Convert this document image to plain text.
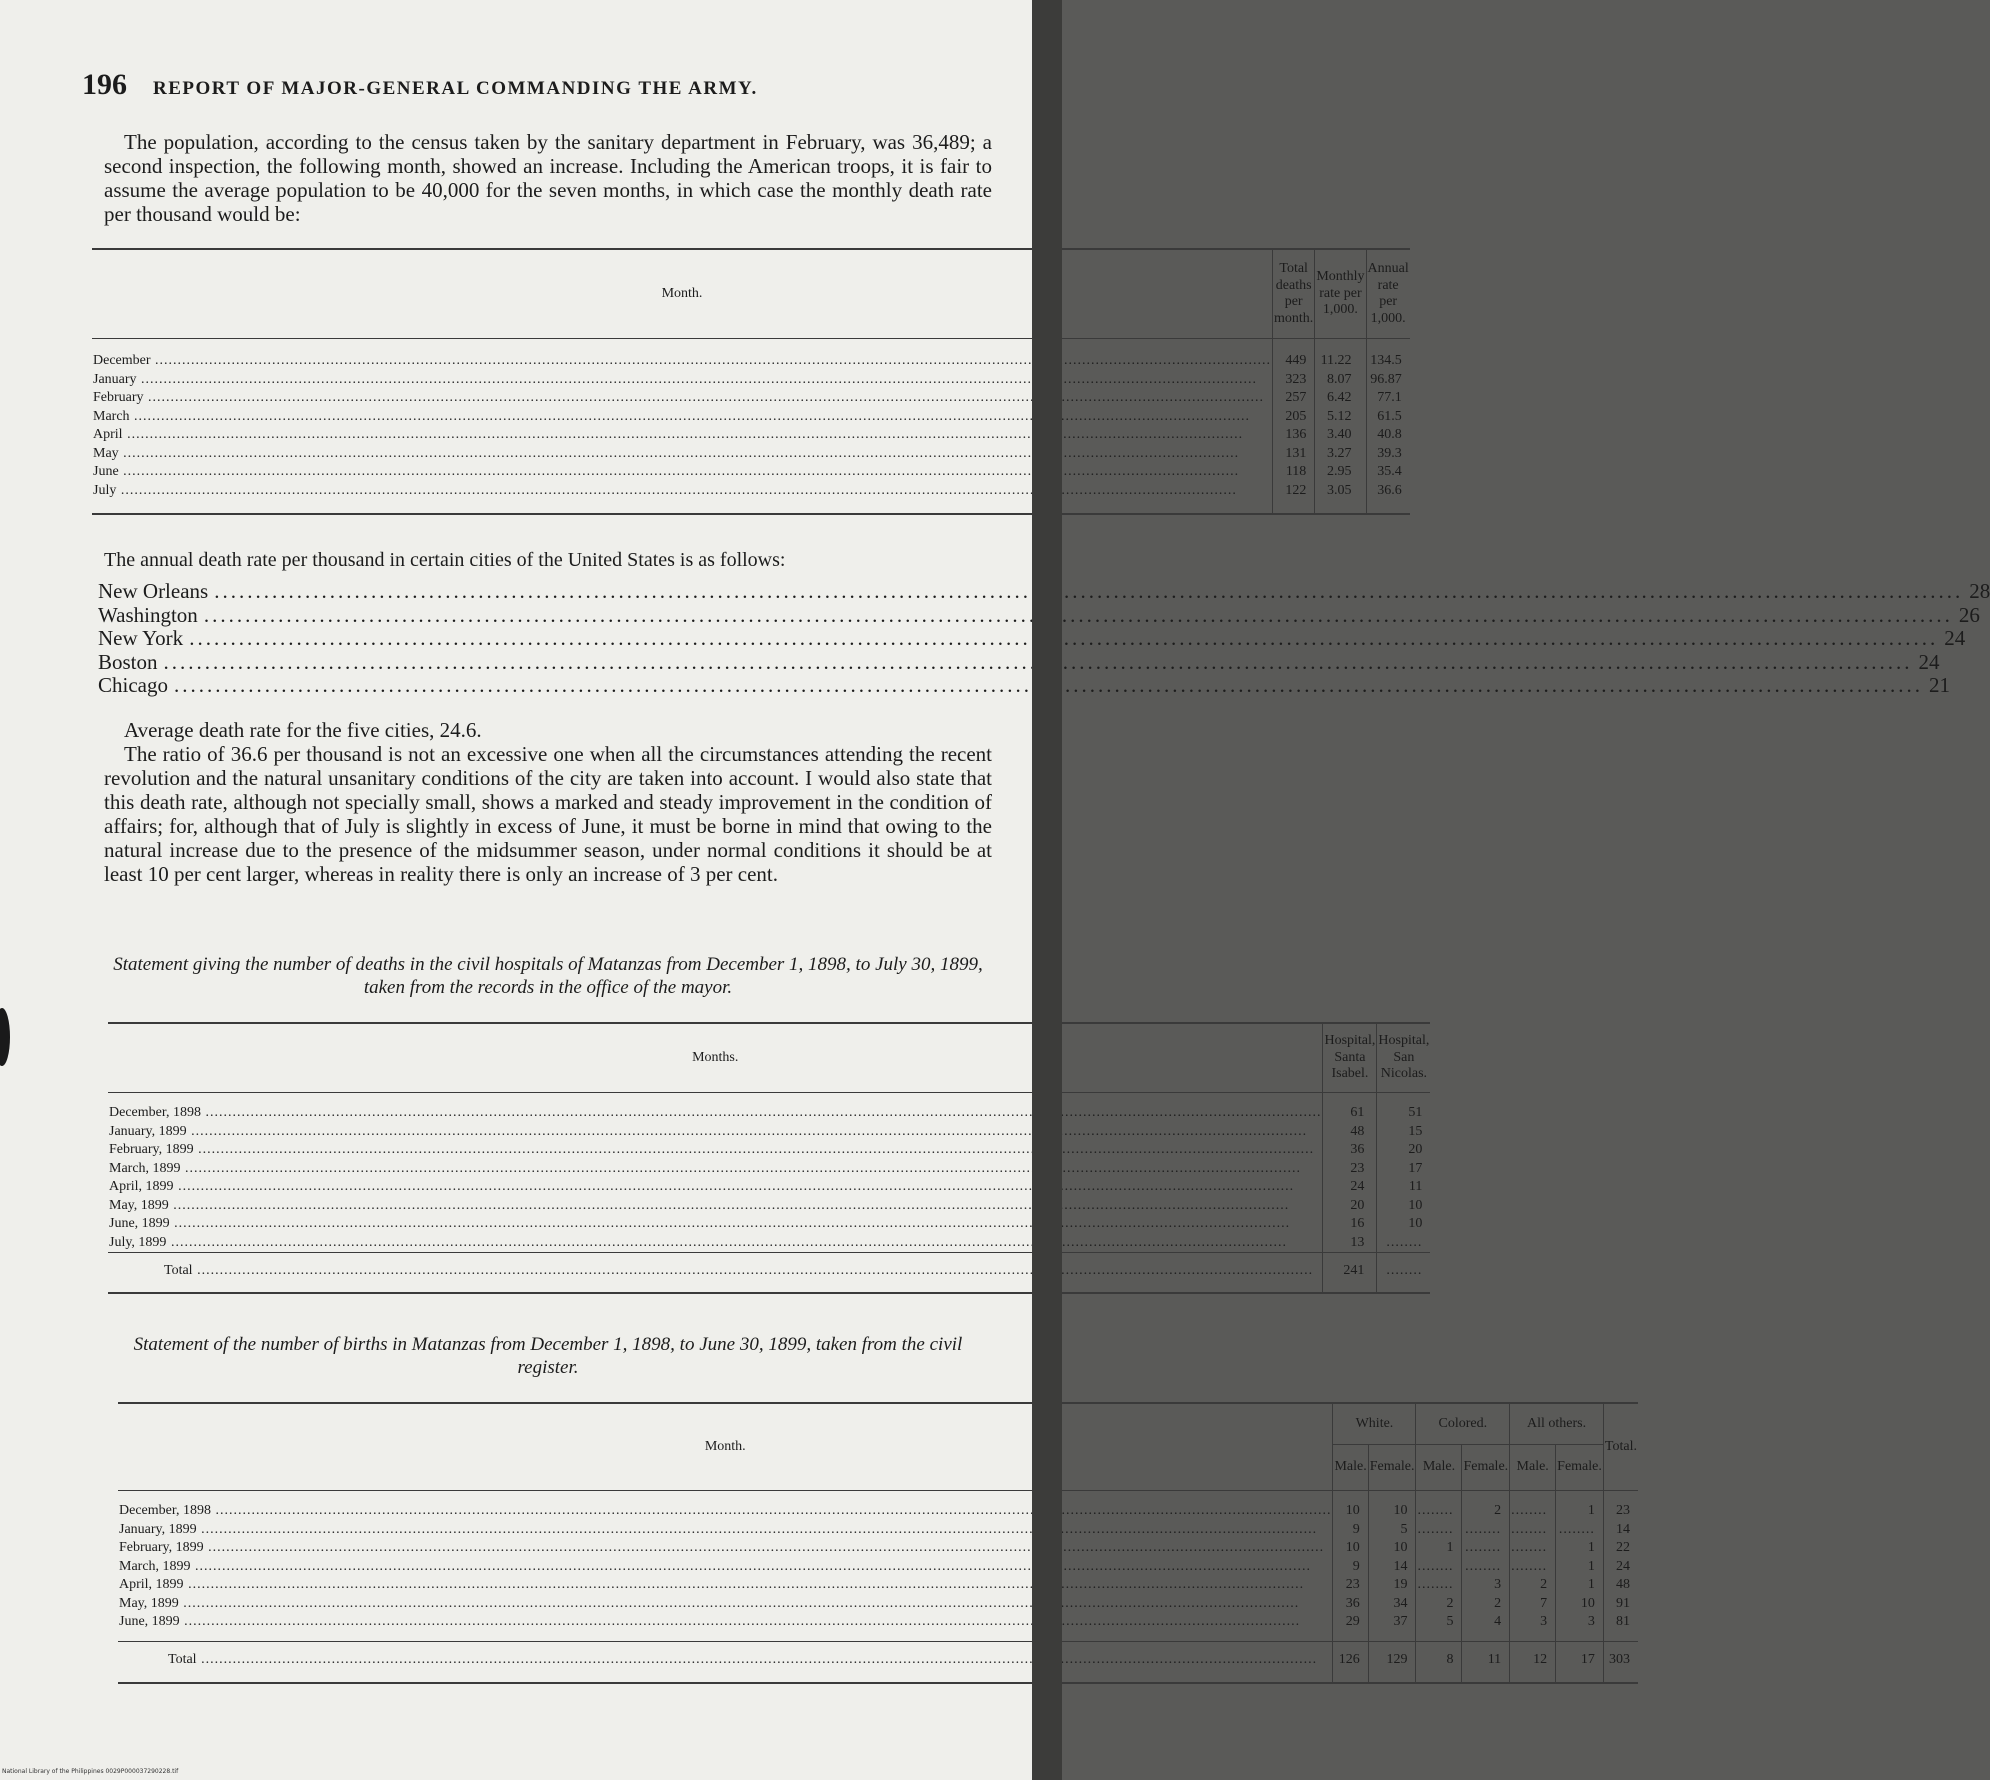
196 REPORT OF MAJOR-GENERAL COMMANDING THE ARMY.
The population, according to the census taken by the sanitary department in February, was 36,489; a second inspection, the following month, showed an increase. Including the American troops, it is fair to assume the average population to be 40,000 for the seven months, in which case the monthly death rate per thousand would be:
Month.	Total deaths per month.	Monthly rate per 1,000.	Annual rate per 1,000.
December .....	449	11.22	134.5
January .....	323	8.07	96.87
February .....	257	6.42	77.1
March .....	205	5.12	61.5
April .....	136	3.40	40.8
May .....	131	3.27	39.3
June .....	118	2.95	35.4
July .....	122	3.05	36.6
The annual death rate per thousand in certain cities of the United States is as follows:
New Orleans .....	28
Washington .....	26
New York .....	24
Boston .....	24
Chicago .....	21
Average death rate for the five cities, 24.6.
The ratio of 36.6 per thousand is not an excessive one when all the circumstances attending the recent revolution and the natural unsanitary conditions of the city are taken into account. I would also state that this death rate, although not specially small, shows a marked and steady improvement in the condition of affairs; for, although that of July is slightly in excess of June, it must be borne in mind that owing to the natural increase due to the presence of the midsummer season, under normal conditions it should be at least 10 per cent larger, whereas in reality there is only an increase of 3 per cent.
Statement giving the number of deaths in the civil hospitals of Matanzas from December 1, 1898, to July 30, 1899, taken from the records in the office of the mayor.
Months.	Hospital, Santa Isabel.	Hospital, San Nicolas.
December, 1898 .....	61	51
January, 1899 .....	48	15
February, 1899 .....	36	20
March, 1899 .....	23	17
April, 1899 .....	24	11
May, 1899 .....	20	10
June, 1899 .....	16	10
July, 1899 .....	13	........
Total .....	241	........
Statement of the number of births in Matanzas from December 1, 1898, to June 30, 1899, taken from the civil register.
Month.	White.		Colored.		All others.		Total.
	Male.	Female.	Male.	Female.	Male.	Female.	
December, 1898 .....	10	10	........	2	........	1	23
January, 1899 .....	9	5	........	........	........	........	14
February, 1899 .....	10	10	1	........	........	1	22
March, 1899 .....	9	14	........	........	........	1	24
April, 1899 .....	23	19	........	3	2	1	48
May, 1899 .....	36	34	2	2	7	10	91
June, 1899 .....	29	37	5	4	3	3	81
Total .....	126	129	8	11	12	17	303
National Library of the Philippines 0029P000037290228.tif
